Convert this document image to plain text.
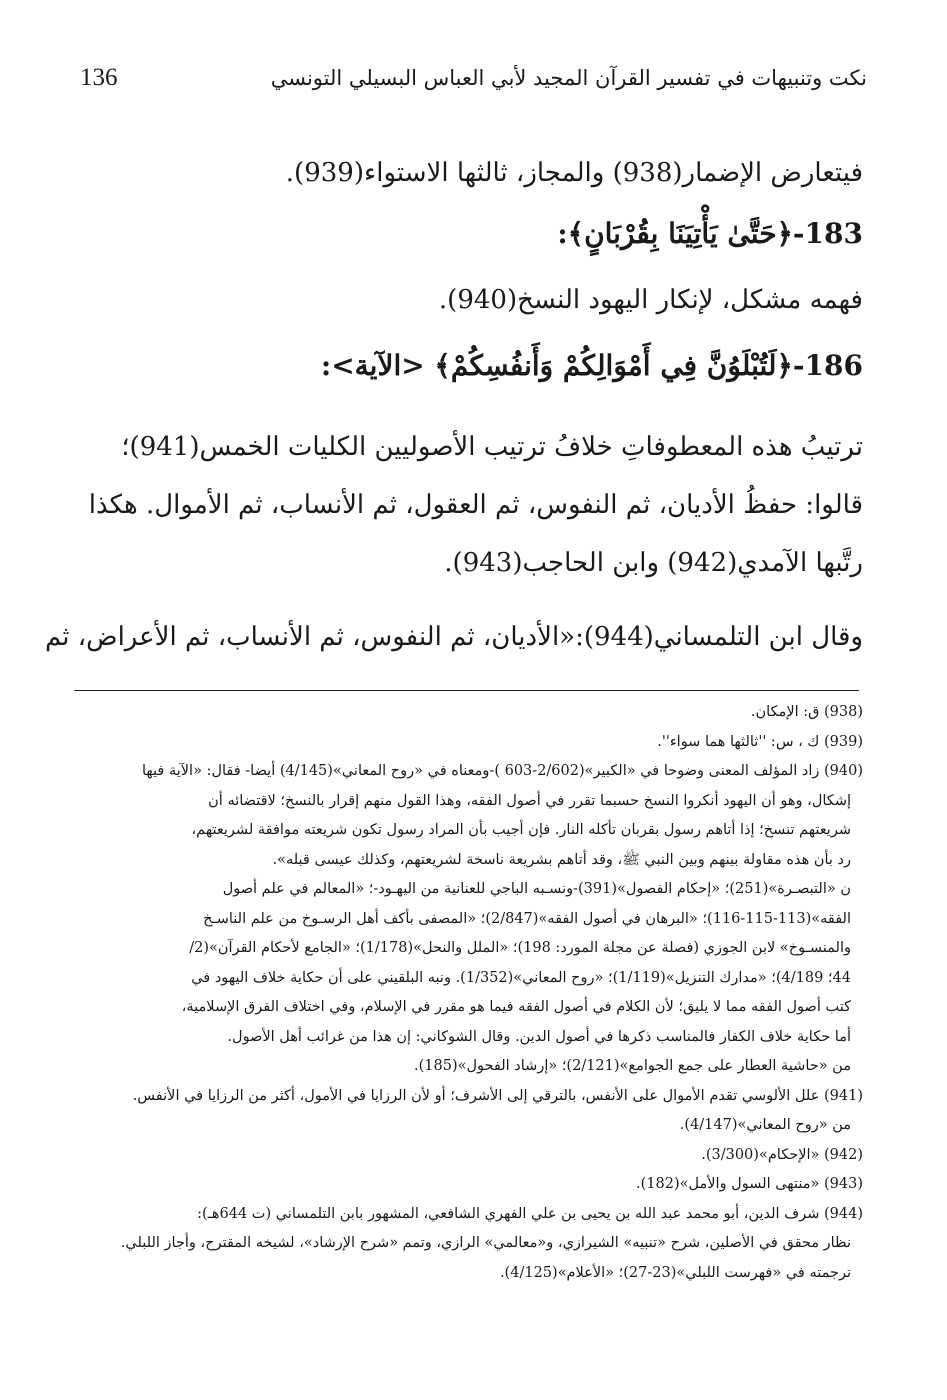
136	نكت وتنبيهات في تفسير القرآن المجيد لأبي العباس البسيلي التونسي
فيتعارض الإضمار(938) والمجاز، ثالثها الاستواء(939).
183-﴿حَتَّىٰ يَأْتِيَنَا بِقُرْبَانٍ﴾:
فهمه مشكل، لإنكار اليهود النسخ(940).
186-﴿لَتُبْلَوُنَّ فِي أَمْوَالِكُمْ وَأَنفُسِكُمْ﴾ <الآية>:
ترتيبُ هذه المعطوفاتِ خلافُ ترتيب الأصوليين الكليات الخمس(941)؛
قالوا: حفظُ الأديان، ثم النفوس، ثم العقول، ثم الأنساب، ثم الأموال. هكذا
رتَّبها الآمدي(942) وابن الحاجب(943).
وقال ابن التلمساني(944):«الأديان، ثم النفوس، ثم الأنساب، ثم الأعراض، ثم
(938) ق: الإمكان.
(939) ك ، س: ''ثالثها هما سواء''.
(940) زاد المؤلف المعنى وضوحا في «الكبير»(2/602-603 )-ومعناه في «روح المعاني»(4/145) أيضا- فقال: «الآية فيها
إشكال، وهو أن اليهود أنكروا النسخ حسبما تقرر في أصول الفقه، وهذا القول منهم إقرار بالنسخ؛ لاقتضائه أن
شريعتهم تنسخ؛ إذا أتاهم رسول بقربان تأكله النار. فإن أجيب بأن المراد رسول تكون شريعته موافقة لشريعتهم،
رد بأن هذه مقاولة بينهم وبين النبي ﷺ، وقد أتاهم بشريعة ناسخة لشريعتهم، وكذلك عيسى قبله».
ن «التبصـرة»(251)؛ «إحكام الفصول»(391)-ونسـبه الباجي للعنانية من اليهـود-؛ «المعالم في علم أصول
الفقه»(113-115-116)؛ «البرهان في أصول الفقه»(2/847)؛ «المصفى بأكف أهل الرسـوخ من علم الناسـخ
والمنسـوخ» لابن الجوزي (فصلة عن مجلة المورد: 198)؛ «الملل والنحل»(1/178)؛ «الجامع لأحكام القرآن»(2/
44؛ 4/189)؛ «مدارك التنزيل»(1/119)؛ «روح المعاني»(1/352). ونبه البلقيني على أن حكاية خلاف اليهود في
كتب أصول الفقه مما لا يليق؛ لأن الكلام في أصول الفقه فيما هو مقرر في الإسلام، وفي اختلاف الفرق الإسلامية،
أما حكاية خلاف الكفار فالمناسب ذكرها في أصول الدين. وقال الشوكاني: إن هذا من غرائب أهل الأصول.
من «حاشية العطار على جمع الجوامع»(2/121)؛ «إرشاد الفحول»(185).
(941) علل الألوسي تقدم الأموال على الأنفس، بالترقي إلى الأشرف؛ أو لأن الرزايا في الأمول، أكثر من الرزايا في الأنفس.
من «روح المعاني»(4/147).
(942) «الإحكام»(3/300).
(943) «منتهى السول والأمل»(182).
(944) شرف الدين، أبو محمد عبد الله بن يحيى بن علي الفهري الشافعي، المشهور بابن التلمساني (ت 644هـ):
نظار محقق في الأصلين، شرح «تنبيه» الشيرازي، و«معالمي» الرازي، وتمم «شرح الإرشاد»، لشيخه المقترح، وأجاز اللبلي.
ترجمته في «فهرست اللبلي»(23-27)؛ «الأعلام»(4/125).
